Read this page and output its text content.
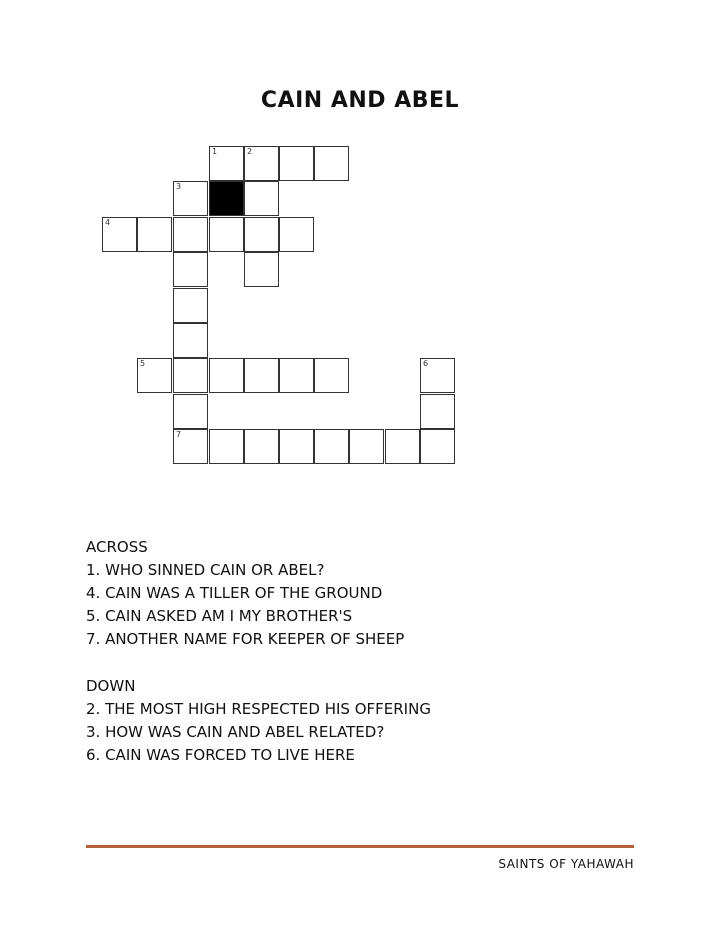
CAIN AND ABEL
1	2
3
4
5	6
7
ACROSS
1. WHO SINNED CAIN OR ABEL?
4. CAIN WAS A TILLER OF THE GROUND
5. CAIN ASKED AM I MY BROTHER'S
7. ANOTHER NAME FOR KEEPER OF SHEEP
DOWN
2. THE MOST HIGH RESPECTED HIS OFFERING
3. HOW WAS CAIN AND ABEL RELATED?
6. CAIN WAS FORCED TO LIVE HERE
SAINTS OF YAHAWAH
